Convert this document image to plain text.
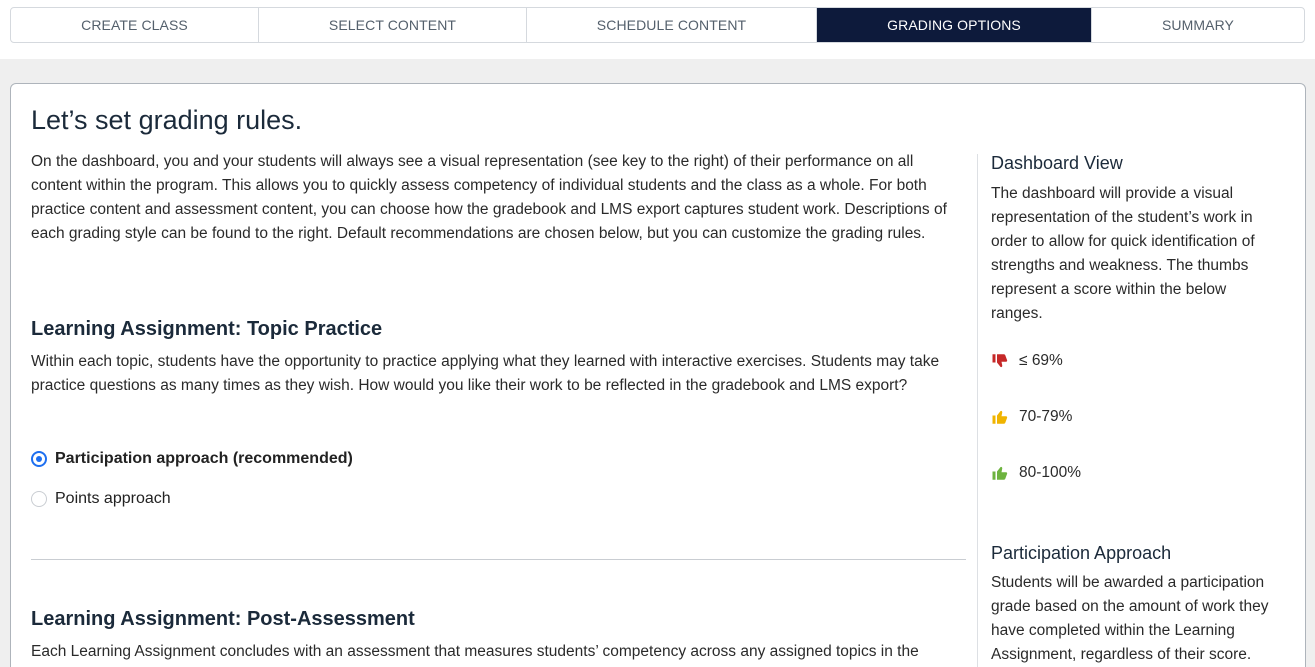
CREATE CLASS	SELECT CONTENT	SCHEDULE CONTENT	GRADING OPTIONS	SUMMARY
Let’s set grading rules.

On the dashboard, you and your students will always see a visual representation (see key to the right) of their performance on all content within the program. This allows you to quickly assess competency of individual students and the class as a whole. For both practice content and assessment content, you can choose how the gradebook and LMS export captures student work. Descriptions of each grading style can be found to the right. Default recommendations are chosen below, but you can customize the grading rules.

Learning Assignment: Topic Practice

Within each topic, students have the opportunity to practice applying what they learned with interactive exercises. Students may take practice questions as many times as they wish. How would you like their work to be reflected in the gradebook and LMS export?

Participation approach (recommended)
Points approach
Learning Assignment: Post-Assessment

Each Learning Assignment concludes with an assessment that measures students’ competency across any assigned topics in the

Dashboard View

The dashboard will provide a visual representation of the student’s work in order to allow for quick identification of strengths and weakness. The thumbs represent a score within the below ranges.

≤ 69%
70-79%
80-100%
Participation Approach

Students will be awarded a participation grade based on the amount of work they have completed within the Learning Assignment, regardless of their score.
